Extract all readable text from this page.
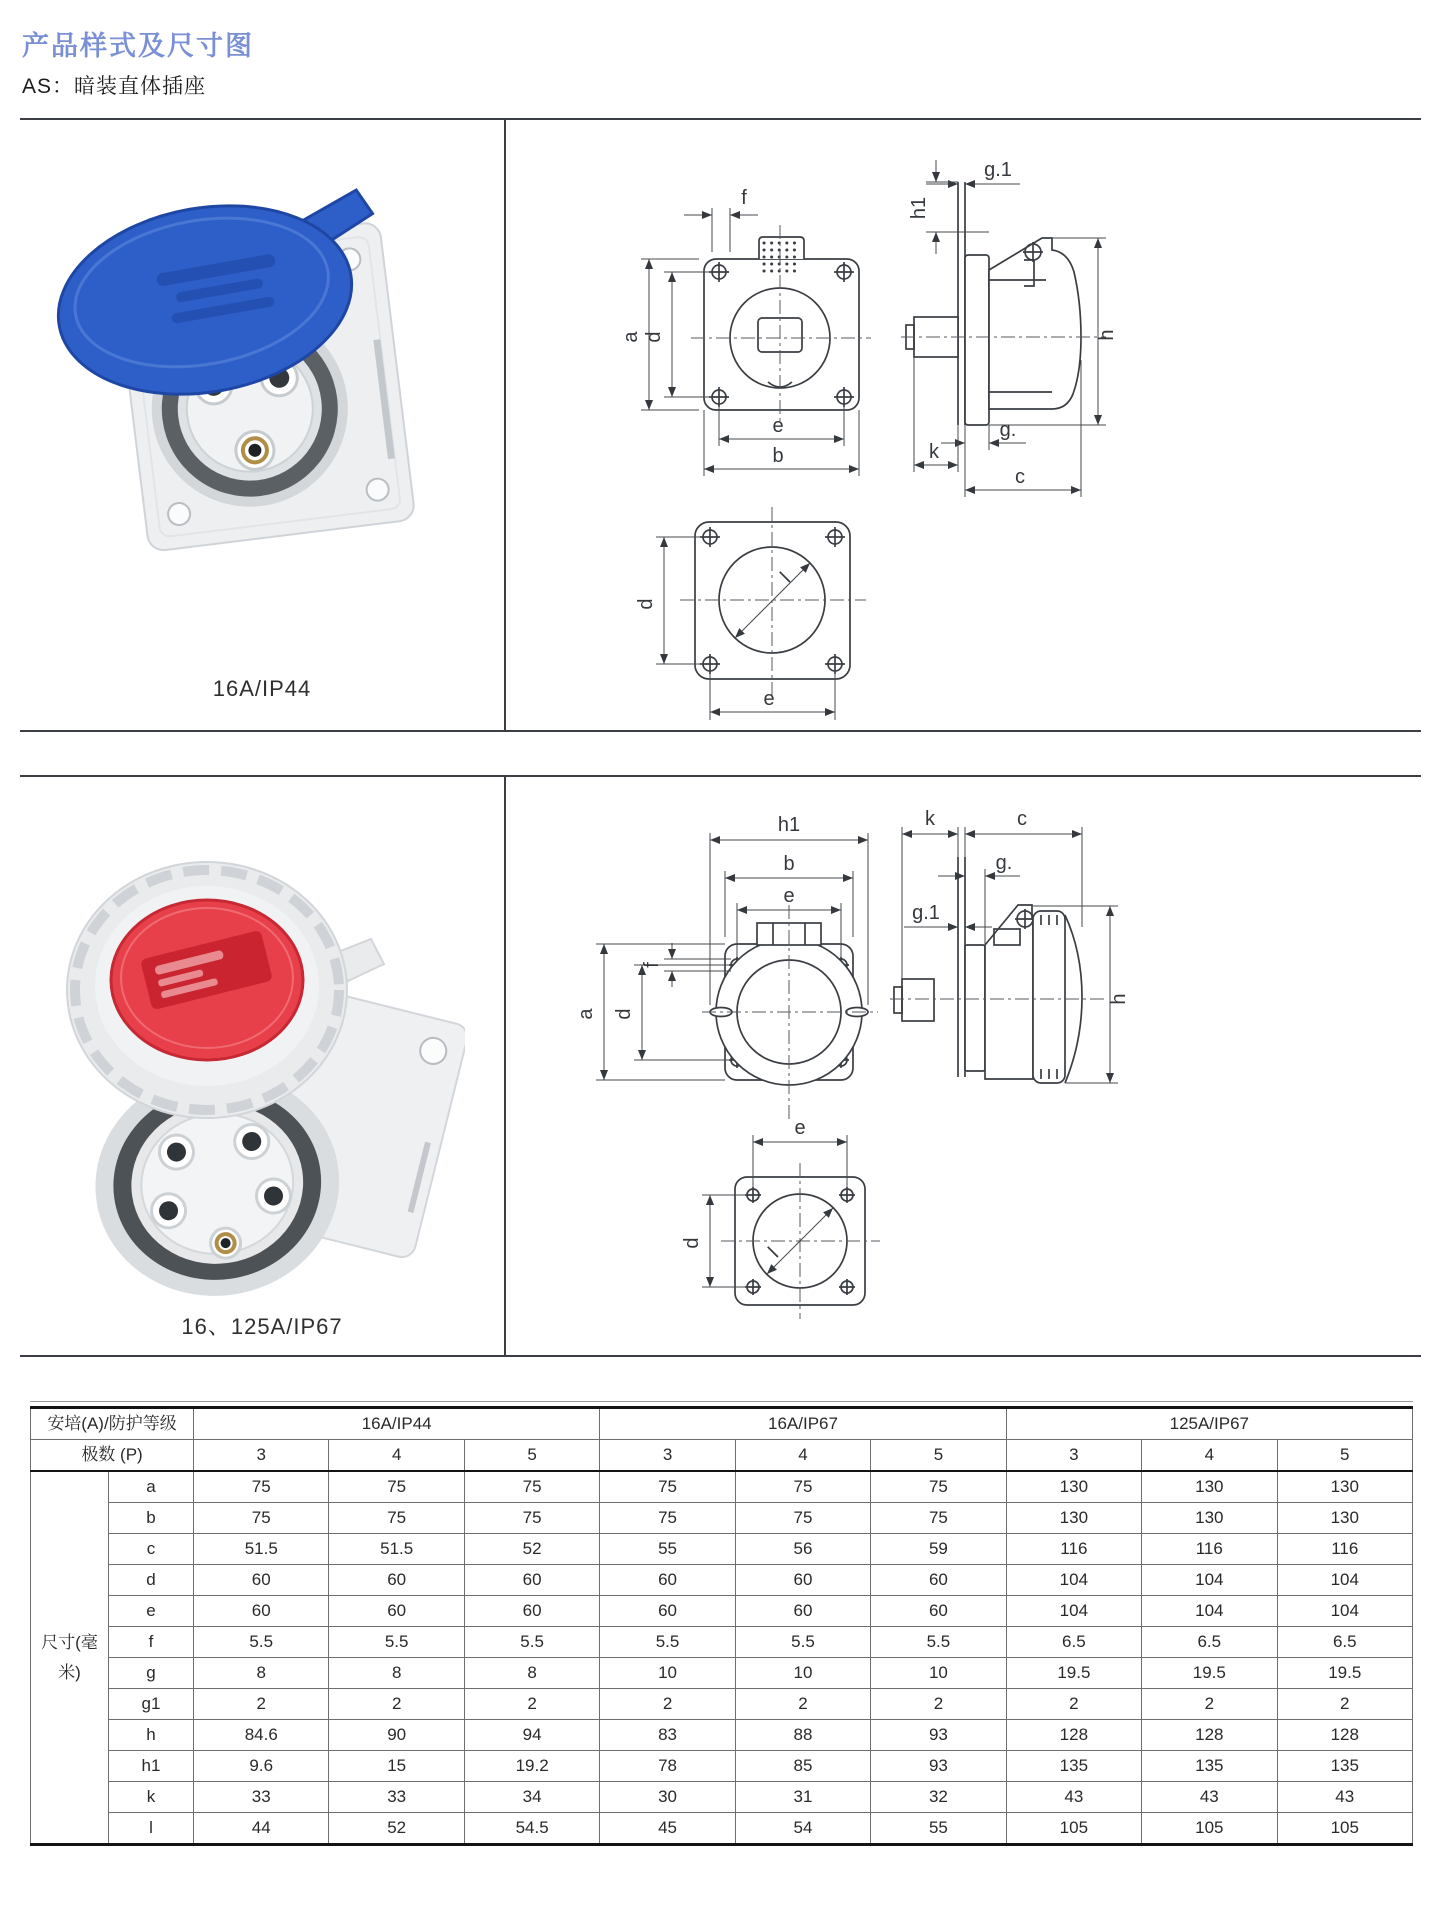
产品样式及尺寸图
AS：暗装直体插座
16A/IP44
f
a d
e
b
g.1
h1
h
g.
k
c
l
d
e
16、125A/IP67
h1
b
e
a d
f
k	c
g.
g.1
h
l
e
d
安培(A)/防护等级		16A/IP44			16A/IP67			125A/IP67		
极数 (P)		3	4	5	3	4	5	3	4	5
尺寸(毫米)	a	75	75	75	75	75	75	130	130	130
	b	75	75	75	75	75	75	130	130	130
	c	51.5	51.5	52	55	56	59	116	116	116
	d	60	60	60	60	60	60	104	104	104
	e	60	60	60	60	60	60	104	104	104
	f	5.5	5.5	5.5	5.5	5.5	5.5	6.5	6.5	6.5
	g	8	8	8	10	10	10	19.5	19.5	19.5
	g1	2	2	2	2	2	2	2	2	2
	h	84.6	90	94	83	88	93	128	128	128
	h1	9.6	15	19.2	78	85	93	135	135	135
	k	33	33	34	30	31	32	43	43	43
	l	44	52	54.5	45	54	55	105	105	105
